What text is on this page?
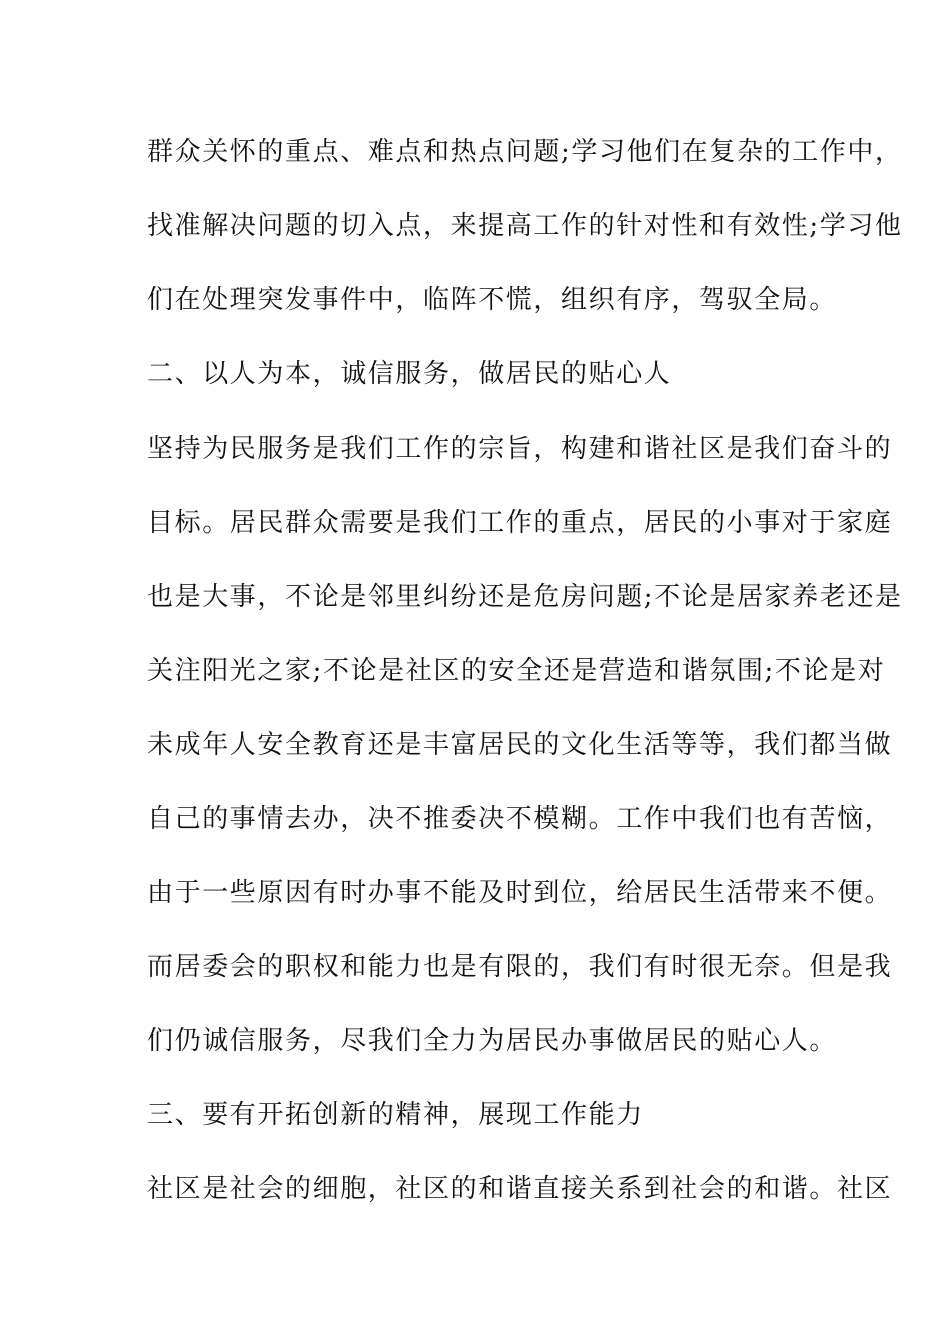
群众关怀的重点、难点和热点问题;学习他们在复杂的工作中，
找准解决问题的切入点，来提高工作的针对性和有效性;学习他
们在处理突发事件中，临阵不慌，组织有序，驾驭全局。
二、以人为本，诚信服务，做居民的贴心人
坚持为民服务是我们工作的宗旨，构建和谐社区是我们奋斗的
目标。居民群众需要是我们工作的重点，居民的小事对于家庭
也是大事，不论是邻里纠纷还是危房问题;不论是居家养老还是
关注阳光之家;不论是社区的安全还是营造和谐氛围;不论是对
未成年人安全教育还是丰富居民的文化生活等等，我们都当做
自己的事情去办，决不推委决不模糊。工作中我们也有苦恼，
由于一些原因有时办事不能及时到位，给居民生活带来不便。
而居委会的职权和能力也是有限的，我们有时很无奈。但是我
们仍诚信服务，尽我们全力为居民办事做居民的贴心人。
三、要有开拓创新的精神，展现工作能力
社区是社会的细胞，社区的和谐直接关系到社会的和谐。社区
